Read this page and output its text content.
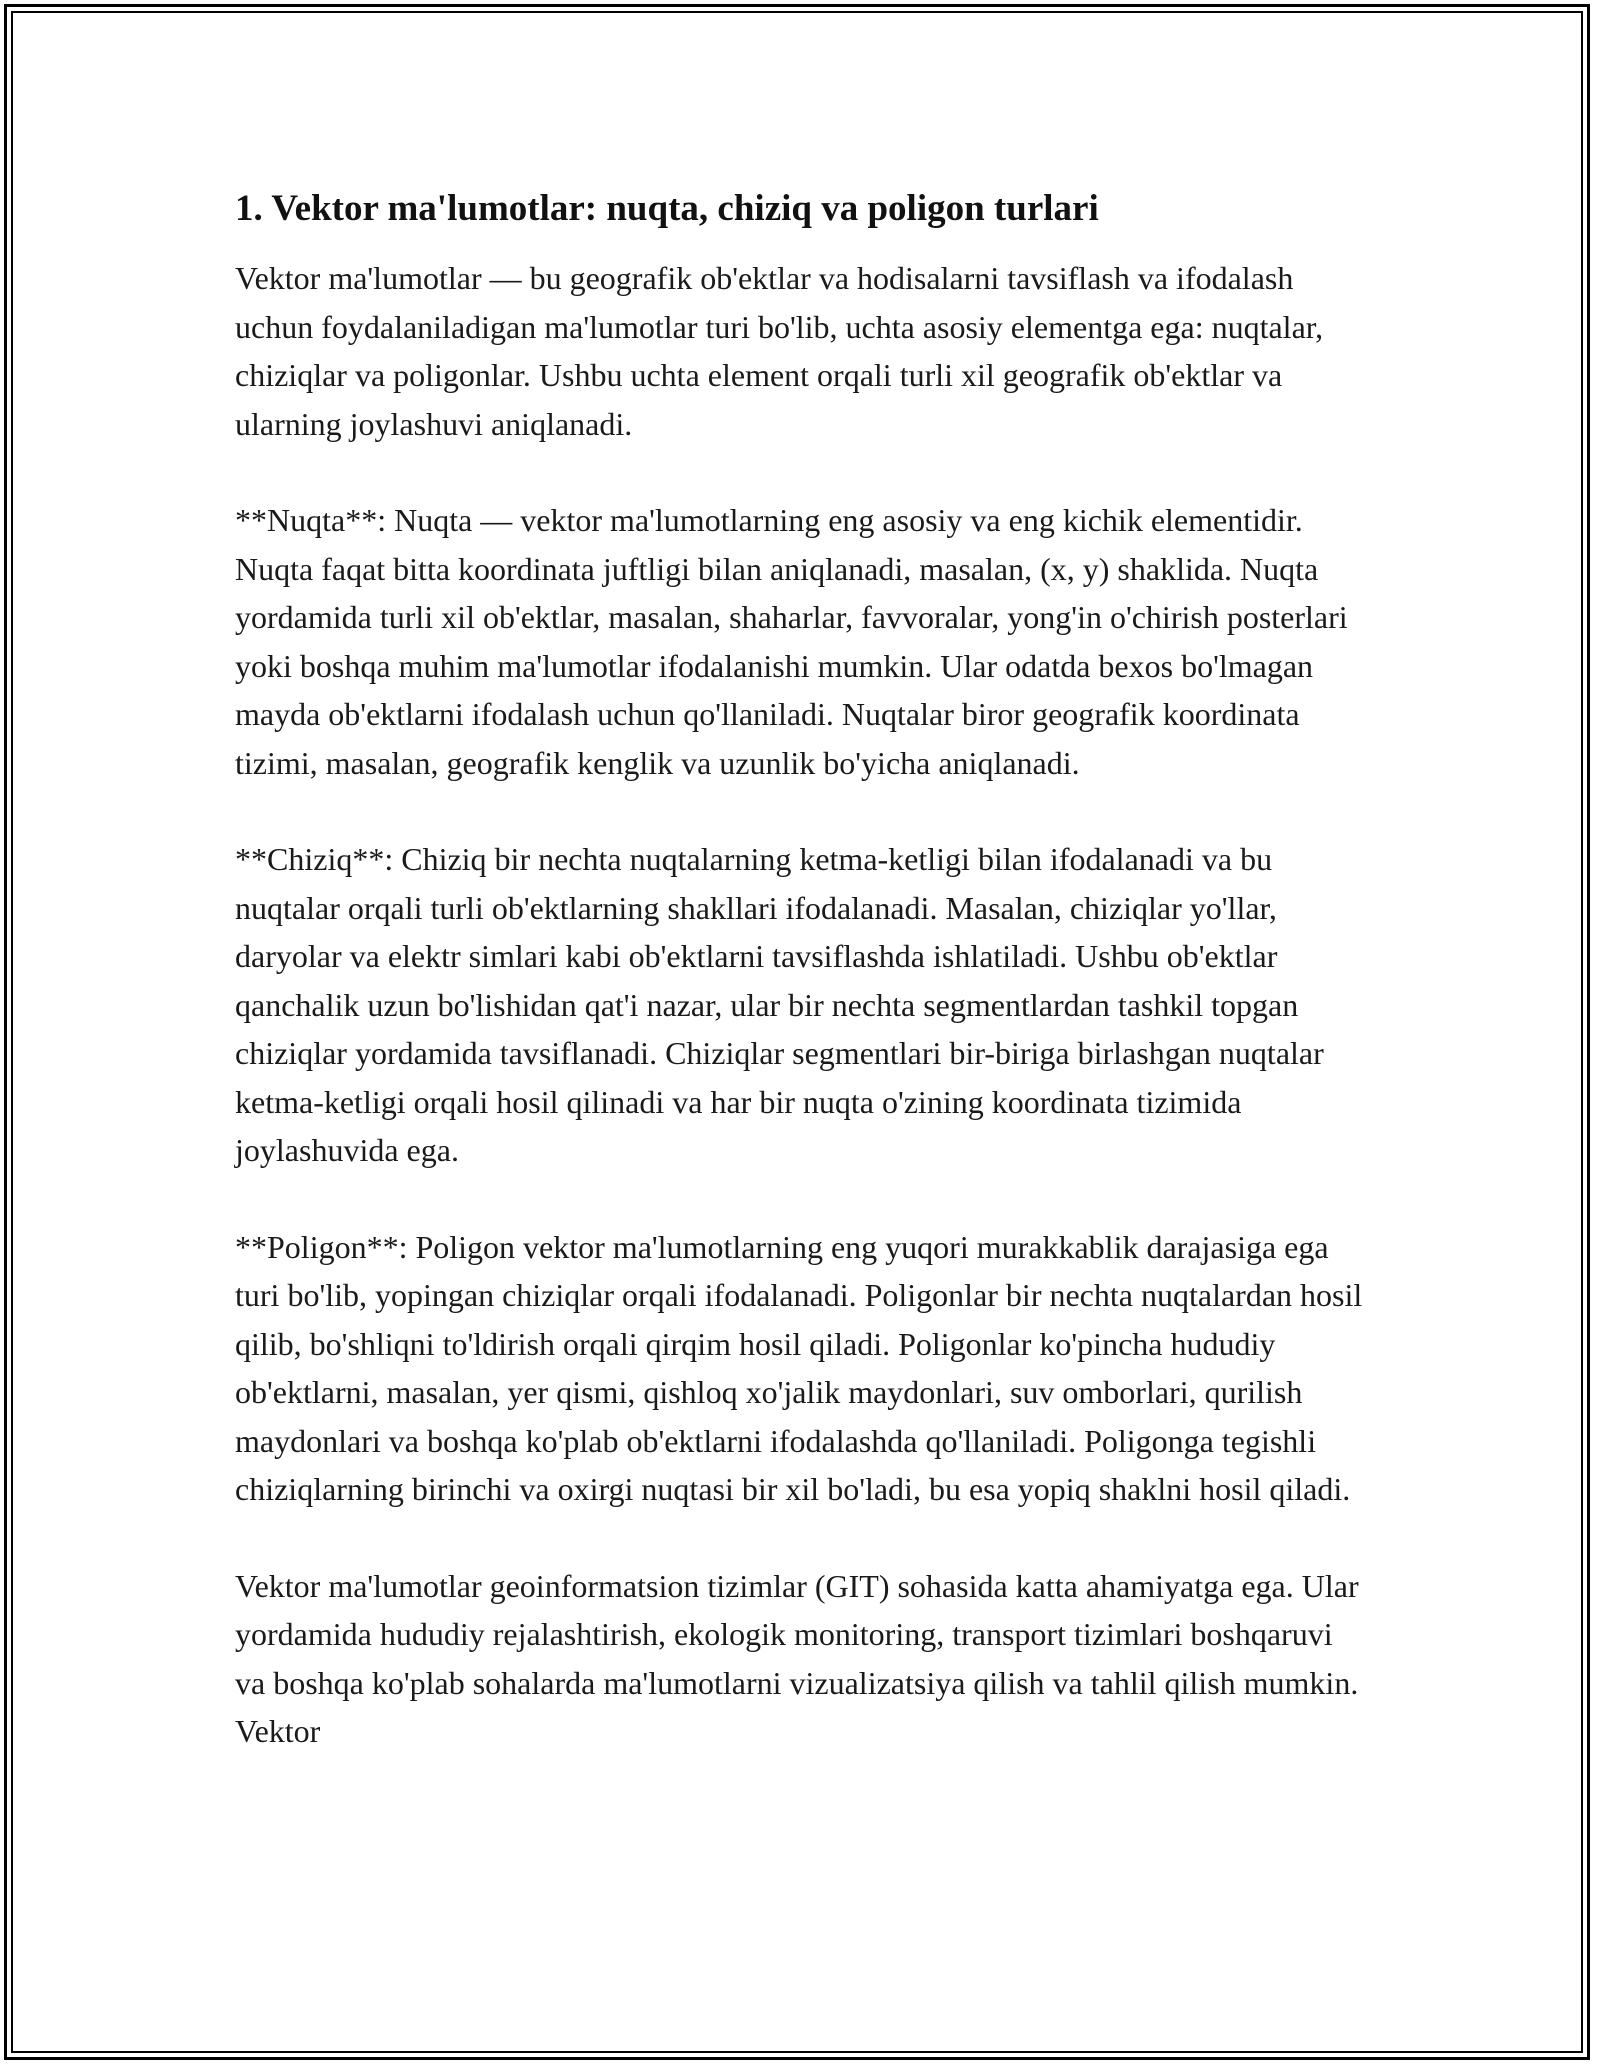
1. Vektor ma'lumotlar: nuqta, chiziq va poligon turlari

Vektor ma'lumotlar — bu geografik ob'ektlar va hodisalarni tavsiflash va ifodalash uchun foydalaniladigan ma'lumotlar turi bo'lib, uchta asosiy elementga ega: nuqtalar, chiziqlar va poligonlar. Ushbu uchta element orqali turli xil geografik ob'ektlar va ularning joylashuvi aniqlanadi.

**Nuqta**: Nuqta — vektor ma'lumotlarning eng asosiy va eng kichik elementidir. Nuqta faqat bitta koordinata juftligi bilan aniqlanadi, masalan, (x, y) shaklida. Nuqta yordamida turli xil ob'ektlar, masalan, shaharlar, favvoralar, yong'in o'chirish posterlari yoki boshqa muhim ma'lumotlar ifodalanishi mumkin. Ular odatda bexos bo'lmagan mayda ob'ektlarni ifodalash uchun qo'llaniladi. Nuqtalar biror geografik koordinata tizimi, masalan, geografik kenglik va uzunlik bo'yicha aniqlanadi.

**Chiziq**: Chiziq bir nechta nuqtalarning ketma-ketligi bilan ifodalanadi va bu nuqtalar orqali turli ob'ektlarning shakllari ifodalanadi. Masalan, chiziqlar yo'llar, daryolar va elektr simlari kabi ob'ektlarni tavsiflashda ishlatiladi. Ushbu ob'ektlar qanchalik uzun bo'lishidan qat'i nazar, ular bir nechta segmentlardan tashkil topgan chiziqlar yordamida tavsiflanadi. Chiziqlar segmentlari bir-biriga birlashgan nuqtalar ketma-ketligi orqali hosil qilinadi va har bir nuqta o'zining koordinata tizimida joylashuvida ega.

**Poligon**: Poligon vektor ma'lumotlarning eng yuqori murakkablik darajasiga ega turi bo'lib, yopingan chiziqlar orqali ifodalanadi. Poligonlar bir nechta nuqtalardan hosil qilib, bo'shliqni to'ldirish orqali qirqim hosil qiladi. Poligonlar ko'pincha hududiy ob'ektlarni, masalan, yer qismi, qishloq xo'jalik maydonlari, suv omborlari, qurilish maydonlari va boshqa ko'plab ob'ektlarni ifodalashda qo'llaniladi. Poligonga tegishli chiziqlarning birinchi va oxirgi nuqtasi bir xil bo'ladi, bu esa yopiq shaklni hosil qiladi.

Vektor ma'lumotlar geoinformatsion tizimlar (GIT) sohasida katta ahamiyatga ega. Ular yordamida hududiy rejalashtirish, ekologik monitoring, transport tizimlari boshqaruvi va boshqa ko'plab sohalarda ma'lumotlarni vizualizatsiya qilish va tahlil qilish mumkin. Vektor
